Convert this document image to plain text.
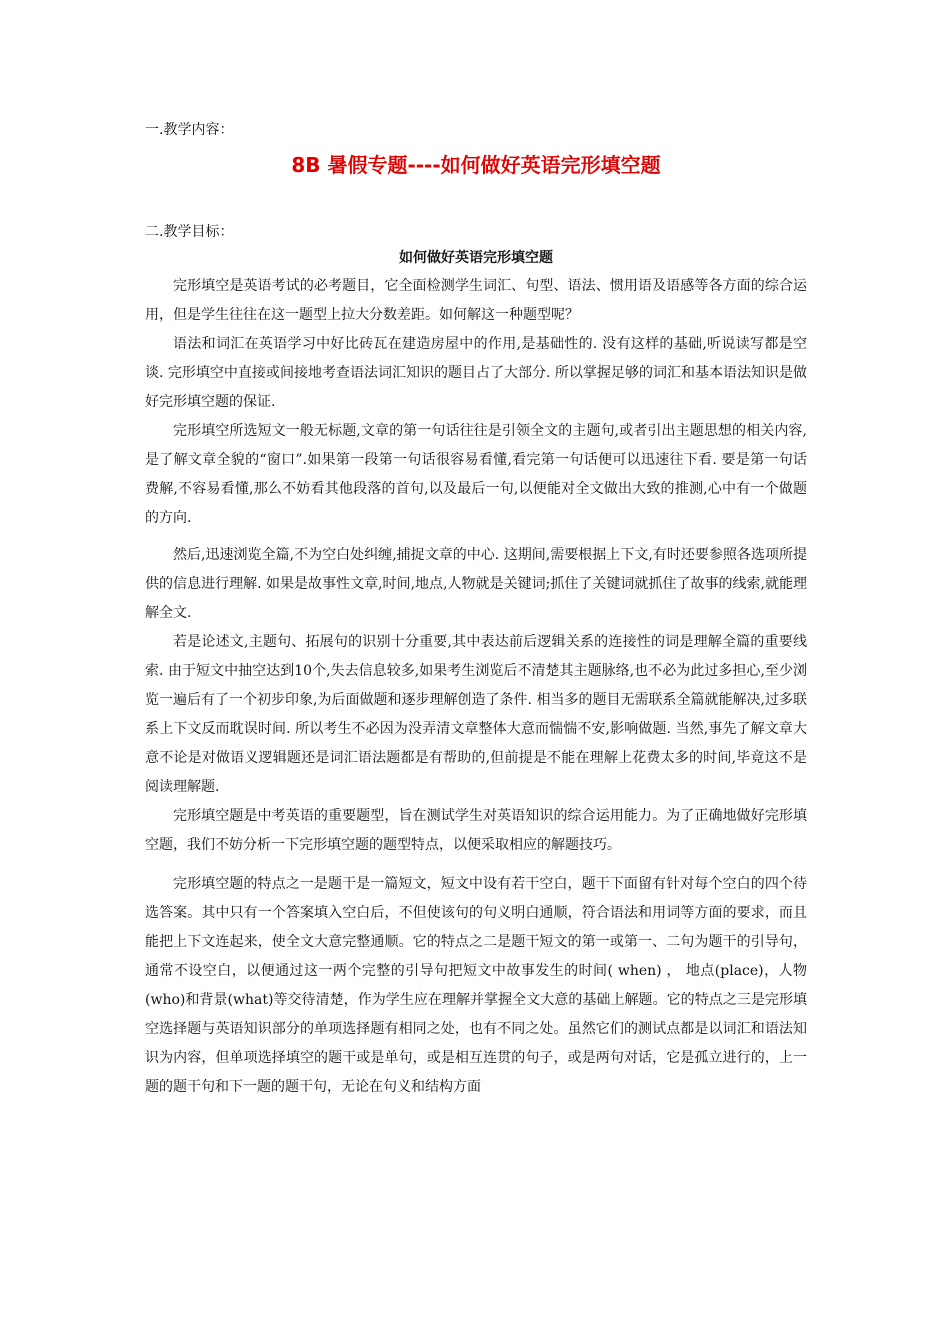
一.教学内容：

8B 暑假专题----如何做好英语完形填空题

二.教学目标：

如何做好英语完形填空题

完形填空是英语考试的必考题目，它全面检测学生词汇、句型、语法、惯用语及语感等各方面的综合运用，但是学生往往在这一题型上拉大分数差距。如何解这一种题型呢？

语法和词汇在英语学习中好比砖瓦在建造房屋中的作用,是基础性的. 没有这样的基础,听说读写都是空谈. 完形填空中直接或间接地考查语法词汇知识的题目占了大部分. 所以掌握足够的词汇和基本语法知识是做好完形填空题的保证.

完形填空所选短文一般无标题,文章的第一句话往往是引领全文的主题句,或者引出主题思想的相关内容,是了解文章全貌的“窗口”.如果第一段第一句话很容易看懂,看完第一句话便可以迅速往下看. 要是第一句话费解,不容易看懂,那么不妨看其他段落的首句,以及最后一句,以便能对全文做出大致的推测,心中有一个做题的方向.

然后,迅速浏览全篇,不为空白处纠缠,捕捉文章的中心. 这期间,需要根据上下文,有时还要参照各选项所提供的信息进行理解. 如果是故事性文章,时间,地点,人物就是关键词;抓住了关键词就抓住了故事的线索,就能理解全文.

若是论述文,主题句、拓展句的识别十分重要,其中表达前后逻辑关系的连接性的词是理解全篇的重要线索. 由于短文中抽空达到10个,失去信息较多,如果考生浏览后不清楚其主题脉络,也不必为此过多担心,至少浏览一遍后有了一个初步印象,为后面做题和逐步理解创造了条件. 相当多的题目无需联系全篇就能解决,过多联系上下文反而耽误时间. 所以考生不必因为没弄清文章整体大意而惴惴不安,影响做题. 当然,事先了解文章大意不论是对做语义逻辑题还是词汇语法题都是有帮助的,但前提是不能在理解上花费太多的时间,毕竟这不是阅读理解题.

完形填空题是中考英语的重要题型，旨在测试学生对英语知识的综合运用能力。为了正确地做好完形填空题，我们不妨分析一下完形填空题的题型特点，以便采取相应的解题技巧。

完形填空题的特点之一是题干是一篇短文，短文中设有若干空白，题干下面留有针对每个空白的四个待选答案。其中只有一个答案填入空白后，不但使该句的句义明白通顺，符合语法和用词等方面的要求，而且能把上下文连起来，使全文大意完整通顺。它的特点之二是题干短文的第一或第一、二句为题干的引导句，通常不设空白，以便通过这一两个完整的引导句把短文中故事发生的时间( when) ， 地点(place)，人物(who)和背景(what)等交待清楚，作为学生应在理解并掌握全文大意的基础上解题。它的特点之三是完形填空选择题与英语知识部分的单项选择题有相同之处，也有不同之处。虽然它们的测试点都是以词汇和语法知识为内容，但单项选择填空的题干或是单句，或是相互连贯的句子，或是两句对话，它是孤立进行的，上一题的题干句和下一题的题干句，无论在句义和结构方面
